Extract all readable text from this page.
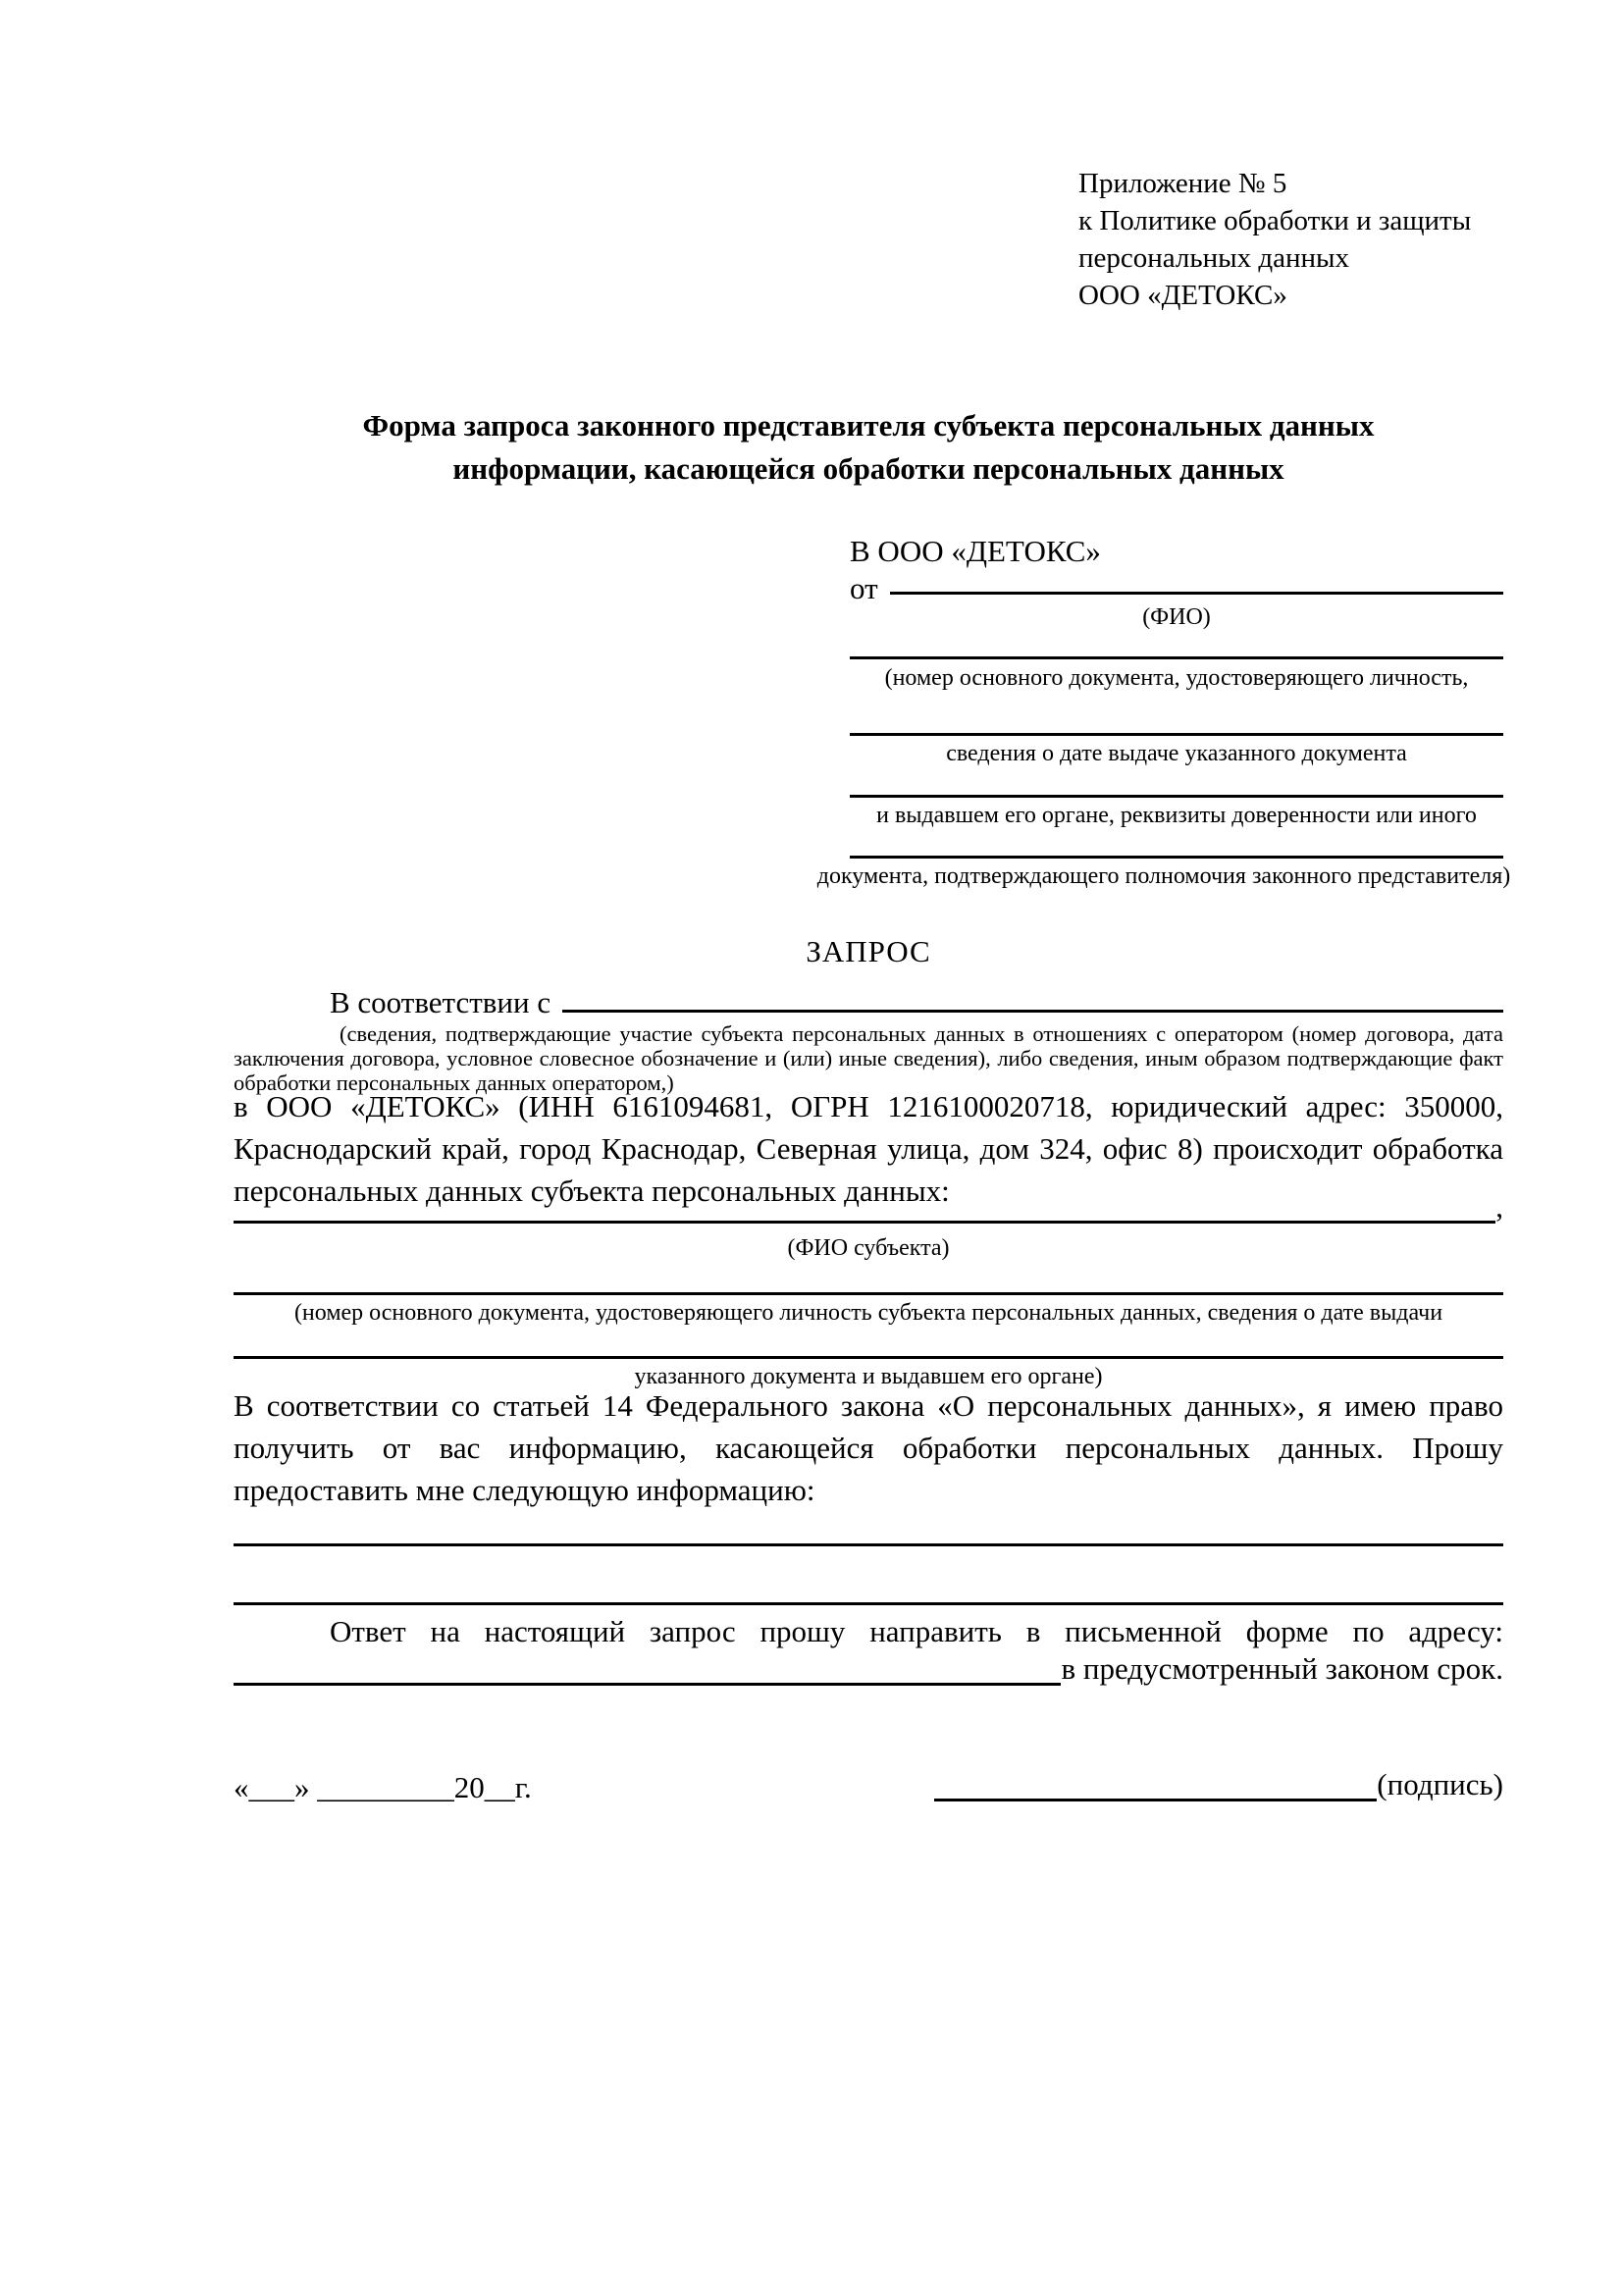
Приложение № 5
к Политике обработки и защиты
персональных данных
ООО «ДЕТОКС»
Форма запроса законного представителя субъекта персональных данных
информации, касающейся обработки персональных данных
В ООО «ДЕТОКС»
от
(ФИО)
(номер основного документа, удостоверяющего личность,
сведения о дате выдаче указанного документа
и выдавшем его органе, реквизиты доверенности или иного
документа, подтверждающего полномочия законного представителя)
ЗАПРОС
В соответствии с
(сведения, подтверждающие участие субъекта персональных данных в отношениях с оператором (номер договора, дата заключения договора, условное словесное обозначение и (или) иные сведения), либо сведения, иным образом подтверждающие факт обработки персональных данных оператором,)
в ООО «ДЕТОКС» (ИНН 6161094681, ОГРН 1216100020718, юридический адрес: 350000, Краснодарский край, город Краснодар, Северная улица, дом 324, офис 8) происходит обработка персональных данных субъекта персональных данных:	,
(ФИО субъекта)
(номер основного документа, удостоверяющего личность субъекта персональных данных, сведения о дате выдачи
указанного документа и выдавшем его органе)
В соответствии со статьей 14 Федерального закона «О персональных данных», я имею право получить от вас информацию, касающейся обработки персональных данных. Прошу предоставить мне следующую информацию:
Ответ на настоящий запрос прошу направить в письменной форме по адресу:
в предусмотренный законом срок.
«___» _________20__г.	(подпись)
